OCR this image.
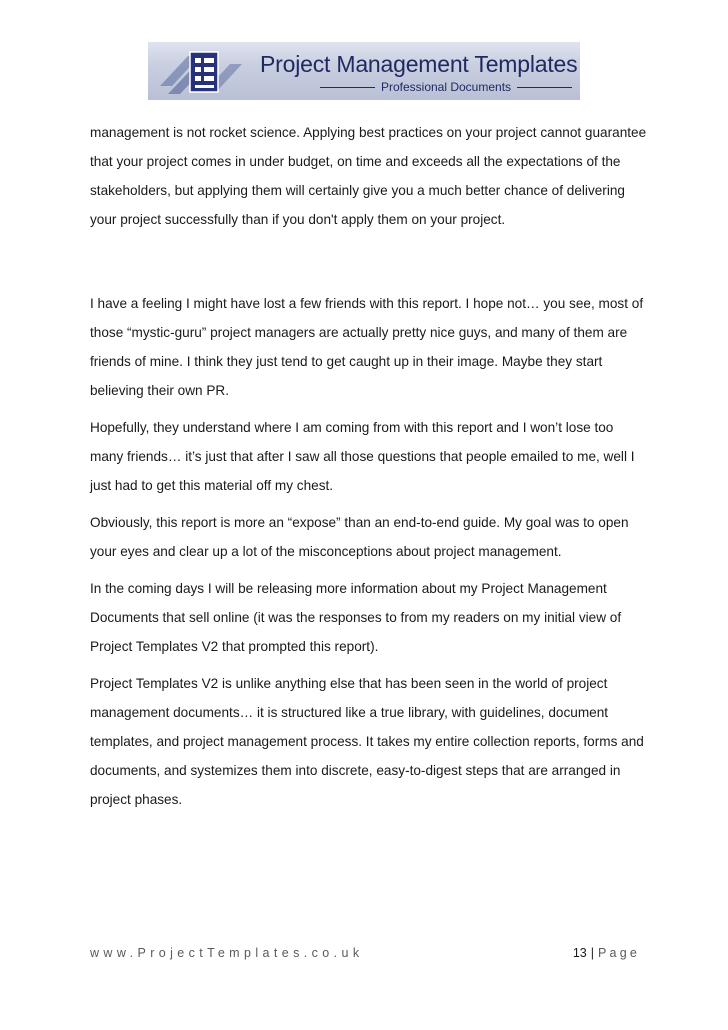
Project Management Templates
Professional Documents

management is not rocket science. Applying best practices on your project cannot guarantee that your project comes in under budget, on time and exceeds all the expectations of the stakeholders, but applying them will certainly give you a much better chance of delivering your project successfully than if you don't apply them on your project.

I have a feeling I might have lost a few friends with this report. I hope not… you see, most of those “mystic-guru” project managers are actually pretty nice guys, and many of them are friends of mine. I think they just tend to get caught up in their image. Maybe they start believing their own PR.

Hopefully, they understand where I am coming from with this report and I won’t lose too many friends… it’s just that after I saw all those questions that people emailed to me, well I just had to get this material off my chest.

Obviously, this report is more an “expose” than an end-to-end guide. My goal was to open your eyes and clear up a lot of the misconceptions about project management.

In the coming days I will be releasing more information about my Project Management Documents that sell online (it was the responses to from my readers on my initial view of Project Templates V2 that prompted this report).

Project Templates V2 is unlike anything else that has been seen in the world of project management documents… it is structured like a true library, with guidelines, document templates, and project management process. It takes my entire collection reports, forms and documents, and systemizes them into discrete, easy-to-digest steps that are arranged in project phases.

www.ProjectTemplates.co.uk	13 | Page
